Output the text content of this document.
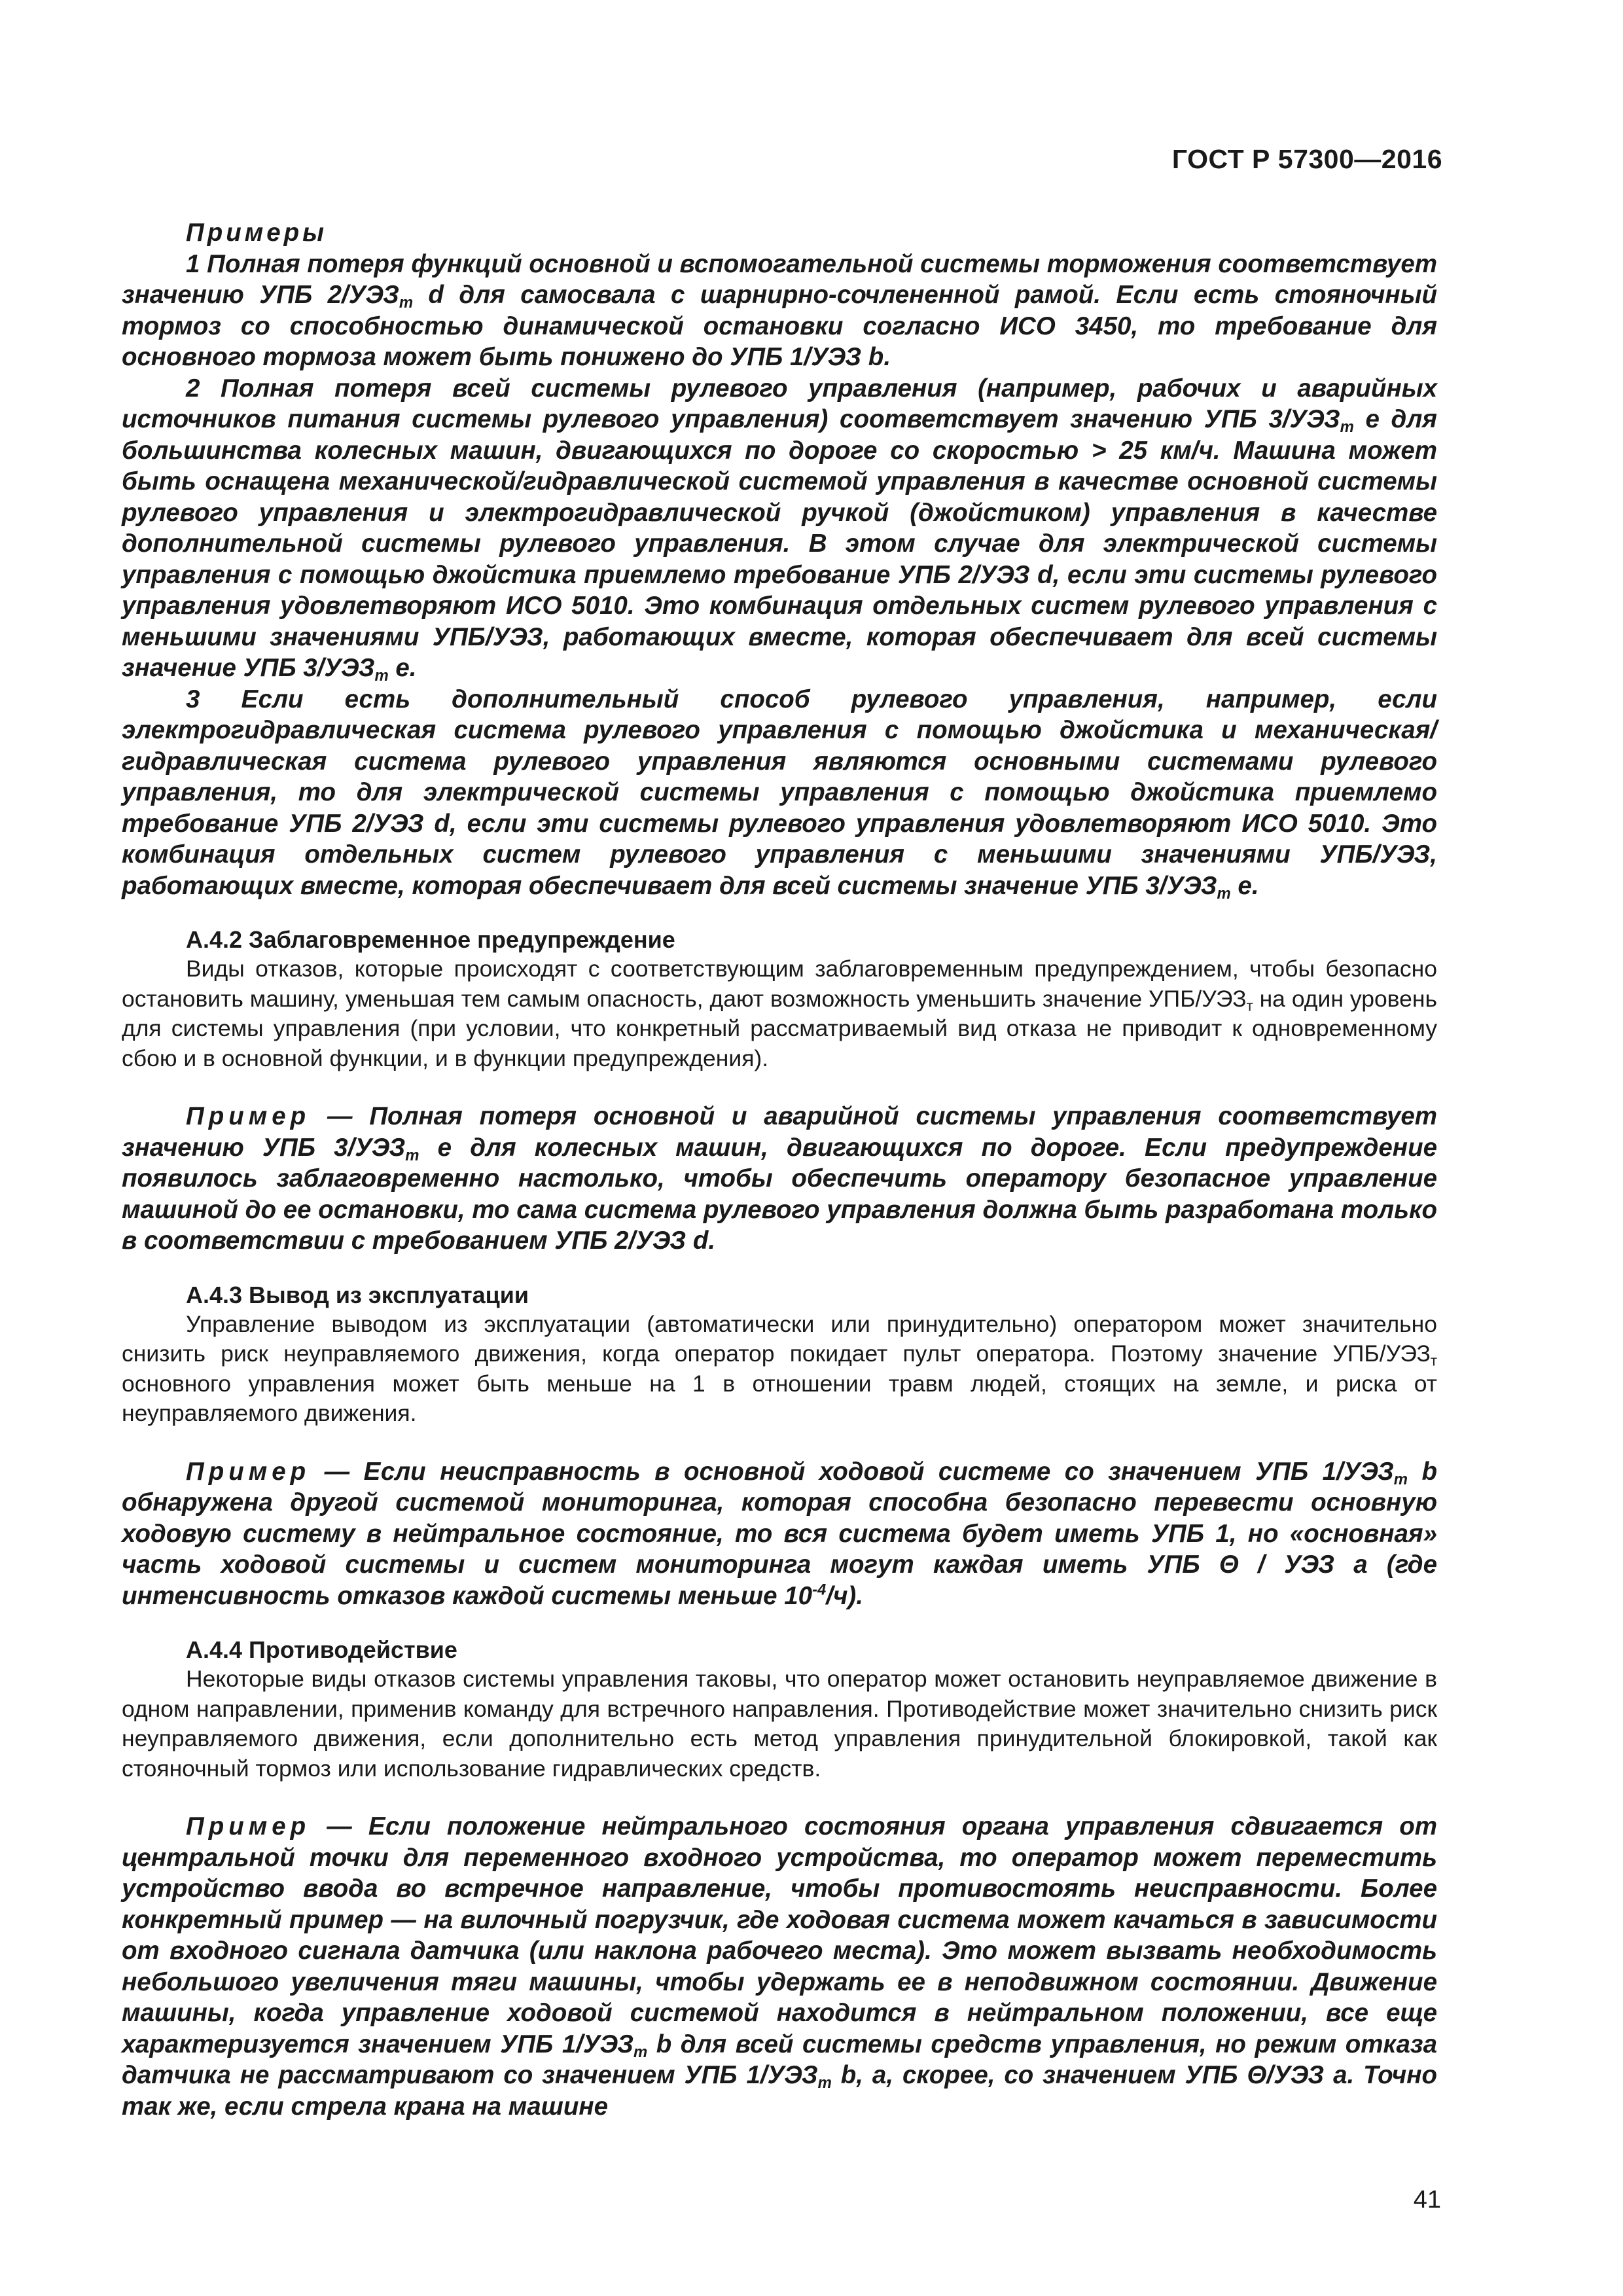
ГОСТ Р 57300—2016

Примеры

1 Полная потеря функций основной и вспомогательной системы торможения соответствует значению УПБ $2/УЭЗ_т$ d для самосвала с шарнирно-сочлененной рамой. Если есть стояночный тормоз со способностью динамической остановки согласно ИСО 3450, то требование для основного тормоза может быть понижено до УПБ 1/УЭЗ b.

2 Полная потеря всей системы рулевого управления (например, рабочих и аварийных источников питания системы рулевого управления) соответствует значению УПБ $3/УЭЗ_т$ e для большинства колесных машин, двигающихся по дороге со скоростью > 25 км/ч. Машина может быть оснащена механической/гидравлической системой управления в качестве основной системы рулевого управления и электрогидравлической ручкой (джойстиком) управления в качестве дополнительной системы рулевого управления. В этом случае для электрической системы управления с помощью джойстика приемлемо требование УПБ 2/УЭЗ d, если эти системы рулевого управления удовлетворяют ИСО 5010. Это комбинация отдельных систем рулевого управления с меньшими значениями УПБ/УЭЗ, работающих вместе, которая обеспечивает для всей системы значение УПБ $3/УЭЗ_т$ e.

3 Если есть дополнительный способ рулевого управления, например, если электрогидравлическая система рулевого управления с помощью джойстика и механическая/гидравлическая система рулевого управления являются основными системами рулевого управления, то для электрической системы управления с помощью джойстика приемлемо требование УПБ 2/УЭЗ d, если эти системы рулевого управления удовлетворяют ИСО 5010. Это комбинация отдельных систем рулевого управления с меньшими значениями УПБ/УЭЗ, работающих вместе, которая обеспечивает для всей системы значение УПБ $3/УЭЗ_т$ e.

А.4.2 Заблаговременное предупреждение

Виды отказов, которые происходят с соответствующим заблаговременным предупреждением, чтобы безопасно остановить машину, уменьшая тем самым опасность, дают возможность уменьшить значение УПБ/$УЭЗ_т$ на один уровень для системы управления (при условии, что конкретный рассматриваемый вид отказа не приводит к одновременному сбою и в основной функции, и в функции предупреждения).

Пример — Полная потеря основной и аварийной системы управления соответствует значению УПБ $3/УЭЗ_т$ e для колесных машин, двигающихся по дороге. Если предупреждение появилось заблаговременно настолько, чтобы обеспечить оператору безопасное управление машиной до ее остановки, то сама система рулевого управления должна быть разработана только в соответствии с требованием УПБ 2/УЭЗ d.

А.4.3 Вывод из эксплуатации

Управление выводом из эксплуатации (автоматически или принудительно) оператором может значительно снизить риск неуправляемого движения, когда оператор покидает пульт оператора. Поэтому значение УПБ/$УЭЗ_т$ основного управления может быть меньше на 1 в отношении травм людей, стоящих на земле, и риска от неуправляемого движения.

Пример — Если неисправность в основной ходовой системе со значением УПБ $1/УЭЗ_т$ b обнаружена другой системой мониторинга, которая способна безопасно перевести основную ходовую систему в нейтральное состояние, то вся система будет иметь УПБ 1, но «основная» часть ходовой системы и систем мониторинга могут каждая иметь УПБ Θ / УЭЗ a (где интенсивность отказов каждой системы меньше $10^{-4}/ч$).

А.4.4 Противодействие

Некоторые виды отказов системы управления таковы, что оператор может остановить неуправляемое движение в одном направлении, применив команду для встречного направления. Противодействие может значительно снизить риск неуправляемого движения, если дополнительно есть метод управления принудительной блокировкой, такой как стояночный тормоз или использование гидравлических средств.

Пример — Если положение нейтрального состояния органа управления сдвигается от центральной точки для переменного входного устройства, то оператор может переместить устройство ввода во встречное направление, чтобы противостоять неисправности. Более конкретный пример — на вилочный погрузчик, где ходовая система может качаться в зависимости от входного сигнала датчика (или наклона рабочего места). Это может вызвать необходимость небольшого увеличения тяги машины, чтобы удержать ее в неподвижном состоянии. Движение машины, когда управление ходовой системой находится в нейтральном положении, все еще характеризуется значением УПБ $1/УЭЗ_т$ b для всей системы средств управления, но режим отказа датчика не рассматривают со значением УПБ $1/УЭЗ_т$ b, а, скорее, со значением УПБ Θ/УЭЗ a. Точно так же, если стрела крана на машине

41
